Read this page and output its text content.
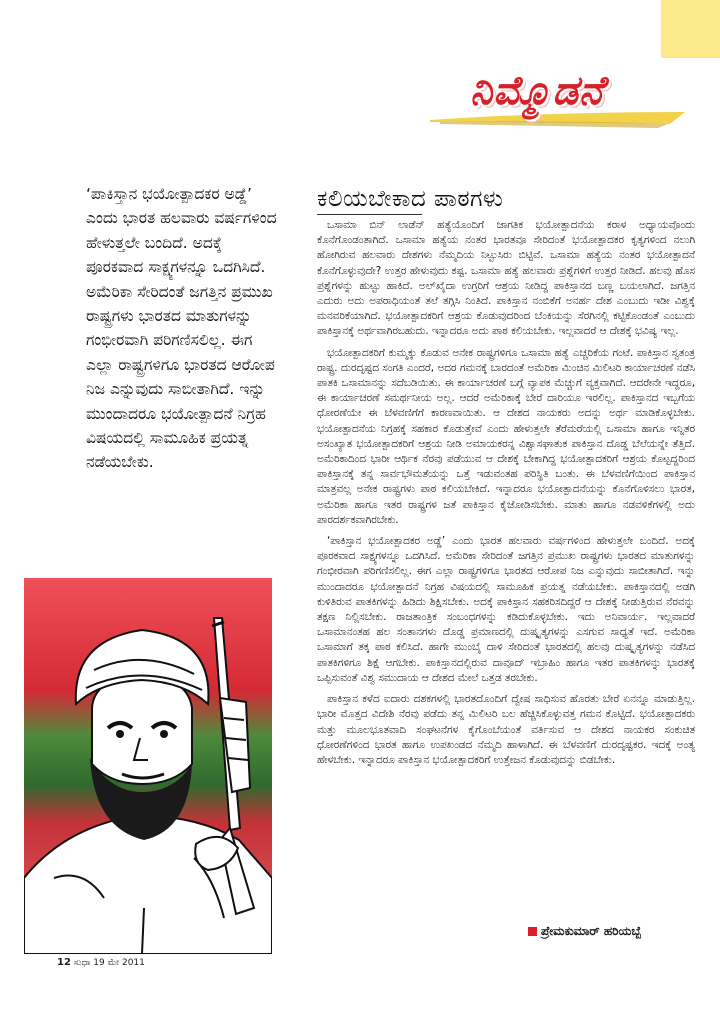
ನಿಮ್ಮೊಡನೆ
‘ಪಾಕಿಸ್ತಾನ ಭಯೋತ್ಪಾದಕರ ಅಡ್ಡೆ’ ಎಂದು ಭಾರತ ಹಲವಾರು ವರ್ಷಗಳಿಂದ ಹೇಳುತ್ತಲೇ ಬಂದಿದೆ. ಅದಕ್ಕೆ ಪೂರಕವಾದ ಸಾಕ್ಷ್ಯಗಳನ್ನೂ ಒದಗಿಸಿದೆ. ಅಮೆರಿಕಾ ಸೇರಿದಂತೆ ಜಗತ್ತಿನ ಪ್ರಮುಖ ರಾಷ್ಟ್ರಗಳು ಭಾರತದ ಮಾತುಗಳನ್ನು ಗಂಭೀರವಾಗಿ ಪರಿಗಣಿಸಲಿಲ್ಲ. ಈಗ ಎಲ್ಲಾ ರಾಷ್ಟ್ರಗಳಿಗೂ ಭಾರತದ ಆರೋಪ ನಿಜ ಎನ್ನುವುದು ಸಾಬೀತಾಗಿದೆ. ಇನ್ನು ಮುಂದಾದರೂ ಭಯೋತ್ಪಾದನೆ ನಿಗ್ರಹ ವಿಷಯದಲ್ಲಿ ಸಾಮೂಹಿಕ ಪ್ರಯತ್ನ ನಡೆಯಬೇಕು.
ಕಲಿಯಬೇಕಾದ ಪಾಠಗಳು

ಒಸಾಮಾ ಬಿನ್ ಲಾಡೆನ್ ಹತ್ಯೆಯೊಂದಿಗೆ ಜಾಗತಿಕ ಭಯೋತ್ಪಾದನೆಯ ಕರಾಳ ಅಧ್ಯಾಯವೊಂದು ಕೊನೆಗೊಂಡಂತಾಗಿದೆ. ಒಸಾಮಾ ಹತ್ಯೆಯ ನಂತರ ಭಾರತವೂ ಸೇರಿದಂತೆ ಭಯೋತ್ಪಾದಕರ ಕೃತ್ಯಗಳಿಂದ ನಲುಗಿ ಹೋಗಿರುವ ಹಲವಾರು ದೇಶಗಳು ನೆಮ್ಮದಿಯ ನಿಟ್ಟುಸಿರು ಬಿಟ್ಟಿವೆ. ಒಸಾಮಾ ಹತ್ಯೆಯ ನಂತರ ಭಯೋತ್ಪಾದನೆ ಕೊನೆಗೊಳ್ಳುವುದೇ? ಉತ್ತರ ಹೇಳುವುದು ಕಷ್ಟ. ಒಸಾಮಾ ಹತ್ಯೆ ಹಲವಾರು ಪ್ರಶ್ನೆಗಳಿಗೆ ಉತ್ತರ ನೀಡಿದೆ. ಹಲವು ಹೊಸ ಪ್ರಶ್ನೆಗಳನ್ನು ಹುಟ್ಟು ಹಾಕಿದೆ. ಅಲ್‌ಖೈದಾ ಉಗ್ರರಿಗೆ ಆಶ್ರಯ ನೀಡಿದ್ದ ಪಾಕಿಸ್ತಾನದ ಬಣ್ಣ ಬಯಲಾಗಿದೆ. ಜಗತ್ತಿನ ಎದುರು ಅದು ಅಪರಾಧಿಯಂತೆ ತಲೆ ತಗ್ಗಿಸಿ ನಿಂತಿದೆ. ಪಾಕಿಸ್ತಾನ ನಂಬಿಕೆಗೆ ಅನರ್ಹ ದೇಶ ಎಂಬುದು ಇಡೀ ವಿಶ್ವಕ್ಕೆ ಮನವರಿಕೆಯಾಗಿದೆ. ಭಯೋತ್ಪಾದಕರಿಗೆ ಆಶ್ರಯ ಕೊಡುವುದರಿಂದ ಬೆಂಕಿಯನ್ನು ಸೆರಗಿನಲ್ಲಿ ಕಟ್ಟಿಕೊಂಡಂತೆ ಎಂಬುದು ಪಾಕಿಸ್ತಾನಕ್ಕೆ ಅರ್ಥವಾಗಿರಬಹುದು. ಇನ್ನಾದರೂ ಅದು ಪಾಠ ಕಲಿಯಬೇಕು. ಇಲ್ಲವಾದರೆ ಆ ದೇಶಕ್ಕೆ ಭವಿಷ್ಯ ಇಲ್ಲ.

ಭಯೋತ್ಪಾದಕರಿಗೆ ಕುಮ್ಮಕ್ಕು ಕೊಡುವ ಅನೇಕ ರಾಷ್ಟ್ರಗಳಿಗೂ ಒಸಾಮಾ ಹತ್ಯೆ ಎಚ್ಚರಿಕೆಯ ಗಂಟೆ. ಪಾಕಿಸ್ತಾನ ಸ್ವತಂತ್ರ ರಾಷ್ಟ್ರ. ದುರದೃಷ್ಟದ ಸಂಗತಿ ಎಂದರೆ, ಅದರ ಗಮನಕ್ಕೆ ಬಾರದಂತೆ ಅಮೆರಿಕಾ ಮಿಂಚಿನ ಮಿಲಿಟರಿ ಕಾರ್ಯಾಚರಣೆ ನಡೆಸಿ ಪಾತಕಿ ಒಸಾಮಾನನ್ನು ಸದೆಬಡಿಯಿತು. ಈ ಕಾರ್ಯಾಚರಣೆ ಬಗ್ಗೆ ವ್ಯಾಪಕ ಮೆಚ್ಚುಗೆ ವ್ಯಕ್ತವಾಗಿದೆ. ಆದರೇನೇ ಇದ್ದರೂ, ಈ ಕಾರ್ಯಾಚರಣೆ ಸಮರ್ಥನೀಯ ಅಲ್ಲ. ಆದರೆ ಅಮೆರಿಕಾಕ್ಕೆ ಬೇರೆ ದಾರಿಯೂ ಇರಲಿಲ್ಲ. ಪಾಕಿಸ್ತಾನದ ಇಬ್ಬಗೆಯ ಧೋರಣೆಯೇ ಈ ಬೆಳವಣಿಗೆಗೆ ಕಾರಣವಾಯಿತು. ಆ ದೇಶದ ನಾಯಕರು ಅದನ್ನು ಅರ್ಥ ಮಾಡಿಕೊಳ್ಳಬೇಕು. ಭಯೋತ್ಪಾದನೆಯ ನಿಗ್ರಹಕ್ಕೆ ಸಹಕಾರ ಕೊಡುತ್ತೇವೆ ಎಂದು ಹೇಳುತ್ತಲೇ ತೆರೆಮರೆಯಲ್ಲಿ ಒಸಾಮಾ ಹಾಗೂ ಇನ್ನಿತರ ಅಸಂಖ್ಯಾತ ಭಯೋತ್ಪಾದಕರಿಗೆ ಆಶ್ರಯ ನೀಡಿ ಅಮಾಯಕರನ್ನ ವಿಶ್ವಾಸಘಾತುಕ ಪಾಕಿಸ್ತಾನ ದೊಡ್ಡ ಬೆಲೆಯನ್ನೇ ತೆತ್ತಿದೆ. ಅಮೆರಿಕಾದಿಂದ ಭಾರೀ ಆರ್ಥಿಕ ನೆರವು ಪಡೆಯುವ ಆ ದೇಶಕ್ಕೆ ಬೇಕಾಗಿದ್ದ ಭಯೋತ್ಪಾದಕರಿಗೆ ಆಶ್ರಯ ಕೊಟ್ಟದ್ದರಿಂದ ಪಾಕಿಸ್ತಾನಕ್ಕೆ ತನ್ನ ಸಾರ್ವಭೌಮತೆಯನ್ನು ಒತ್ತೆ ಇಡುವಂತಹ ಪರಿಸ್ಥಿತಿ ಬಂತು. ಈ ಬೆಳವಣಿಗೆಯಿಂದ ಪಾಕಿಸ್ತಾನ ಮಾತ್ರವಲ್ಲ ಅನೇಕ ರಾಷ್ಟ್ರಗಳು ಪಾಠ ಕಲಿಯಬೇಕಿದೆ. ಇನ್ನಾದರೂ ಭಯೋತ್ಪಾದನೆಯನ್ನು ಕೊನೆಗೊಳಿಸಲು ಭಾರತ, ಅಮೆರಿಕಾ ಹಾಗೂ ಇತರ ರಾಷ್ಟ್ರಗಳ ಜತೆ ಪಾಕಿಸ್ತಾನ ಕೈಜೋಡಿಸಬೇಕು. ಮಾತು ಹಾಗೂ ನಡವಳಿಕೆಗಳಲ್ಲಿ ಅದು ಪಾರದರ್ಶಕವಾಗಿರಬೇಕು.

‘ಪಾಕಿಸ್ತಾನ ಭಯೋತ್ಪಾದಕರ ಅಡ್ಡೆ’ ಎಂದು ಭಾರತ ಹಲವಾರು ವರ್ಷಗಳಿಂದ ಹೇಳುತ್ತಲೇ ಬಂದಿದೆ. ಅದಕ್ಕೆ ಪೂರಕವಾದ ಸಾಕ್ಷ್ಯಗಳನ್ನೂ ಒದಗಿಸಿದೆ. ಅಮೆರಿಕಾ ಸೇರಿದಂತೆ ಜಗತ್ತಿನ ಪ್ರಮುಖ ರಾಷ್ಟ್ರಗಳು ಭಾರತದ ಮಾತುಗಳನ್ನು ಗಂಭೀರವಾಗಿ ಪರಿಗಣಿಸಲಿಲ್ಲ. ಈಗ ಎಲ್ಲಾ ರಾಷ್ಟ್ರಗಳಿಗೂ ಭಾರತದ ಆರೋಪ ನಿಜ ಎನ್ನುವುದು ಸಾಬೀತಾಗಿದೆ. ಇನ್ನು ಮುಂದಾದರೂ ಭಯೋತ್ಪಾದನೆ ನಿಗ್ರಹ ವಿಷಯದಲ್ಲಿ ಸಾಮೂಹಿಕ ಪ್ರಯತ್ನ ನಡೆಯಬೇಕು. ಪಾಕಿಸ್ತಾನದಲ್ಲಿ ಅಡಗಿ ಕುಳಿತಿರುವ ಪಾತಕಿಗಳನ್ನು ಹಿಡಿದು ಶಿಕ್ಷಿಸಬೇಕು. ಅದಕ್ಕೆ ಪಾಕಿಸ್ತಾನ ಸಹಕರಿಸದಿದ್ದರೆ ಆ ದೇಶಕ್ಕೆ ನೀಡುತ್ತಿರುವ ನೆರವನ್ನು ತಕ್ಷಣ ನಿಲ್ಲಿಸಬೇಕು. ರಾಜತಾಂತ್ರಿಕ ಸಂಬಂಧಗಳನ್ನು ಕಡಿದುಕೊಳ್ಳಬೇಕು. ಇದು ಅನಿವಾರ್ಯ. ಇಲ್ಲವಾದರೆ ಒಸಾಮಾನಂತಹ ಹಲ ಸಂತಾನಗಳು ದೊಡ್ಡ ಪ್ರಮಾಣದಲ್ಲಿ ದುಷ್ಕೃತ್ಯಗಳನ್ನು ಎಸಗುವ ಸಾಧ್ಯತೆ ಇದೆ. ಅಮೆರಿಕಾ ಒಸಾಮಾಗೆ ತಕ್ಕ ಪಾಠ ಕಲಿಸಿದೆ. ಹಾಗೇ ಮುಂಬೈ ದಾಳಿ ಸೇರಿದಂತೆ ಭಾರತದಲ್ಲಿ ಹಲವು ದುಷ್ಕೃತ್ಯಗಳನ್ನು ನಡೆಸಿದ ಪಾತಕಿಗಳಿಗೂ ಶಿಕ್ಷೆ ಆಗಬೇಕು. ಪಾಕಿಸ್ತಾನದಲ್ಲಿರುವ ದಾವೂದ್ ಇಬ್ರಾಹಿಂ ಹಾಗೂ ಇತರ ಪಾತಕಿಗಳನ್ನು ಭಾರತಕ್ಕೆ ಒಪ್ಪಿಸುವಂತೆ ವಿಶ್ವ ಸಮುದಾಯ ಆ ದೇಶದ ಮೇಲೆ ಒತ್ತಡ ತರಬೇಕು.

ಪಾಕಿಸ್ತಾನ ಕಳೆದ ಐದಾರು ದಶಕಗಳಲ್ಲಿ ಭಾರತದೊಂದಿಗೆ ದ್ವೇಷ ಸಾಧಿಸುವ ಹೊರತು ಬೇರೆ ಏನನ್ನೂ ಮಾಡುತ್ತಿಲ್ಲ. ಭಾರೀ ಮೊತ್ತದ ವಿದೇಶಿ ನೆರವು ಪಡೆದು ತನ್ನ ಮಿಲಿಟರಿ ಬಲ ಹೆಚ್ಚಿಸಿಕೊಳ್ಳುವತ್ತ ಗಮನ ಕೊಟ್ಟಿದೆ. ಭಯೋತ್ಪಾದಕರು ಮತ್ತು ಮೂಲಭೂತವಾದಿ ಸಂಘಟನೆಗಳ ಕೈಗೊಂಬೆಯಂತೆ ವರ್ತಿಸುವ ಆ ದೇಶದ ನಾಯಕರ ಸಂಕುಚಿತ ಧೋರಣೆಗಳಿಂದ ಭಾರತ ಹಾಗೂ ಉಪಖಂಡದ ನೆಮ್ಮದಿ ಹಾಳಾಗಿದೆ. ಈ ಬೆಳವಣಿಗೆ ದುರದೃಷ್ಟಕರ. ಇದಕ್ಕೆ ಅಂತ್ಯ ಹೇಳಬೇಕು. ಇನ್ನಾದರೂ ಪಾಕಿಸ್ತಾನ ಭಯೋತ್ಪಾದಕರಿಗೆ ಉತ್ತೇಜನ ಕೊಡುವುದನ್ನು ಬಿಡಬೇಕು.

ಪ್ರೇಮಕುಮಾರ್ ಹರಿಯಬ್ಬೆ
12 ಸುಧಾ 19 ಮೇ 2011
